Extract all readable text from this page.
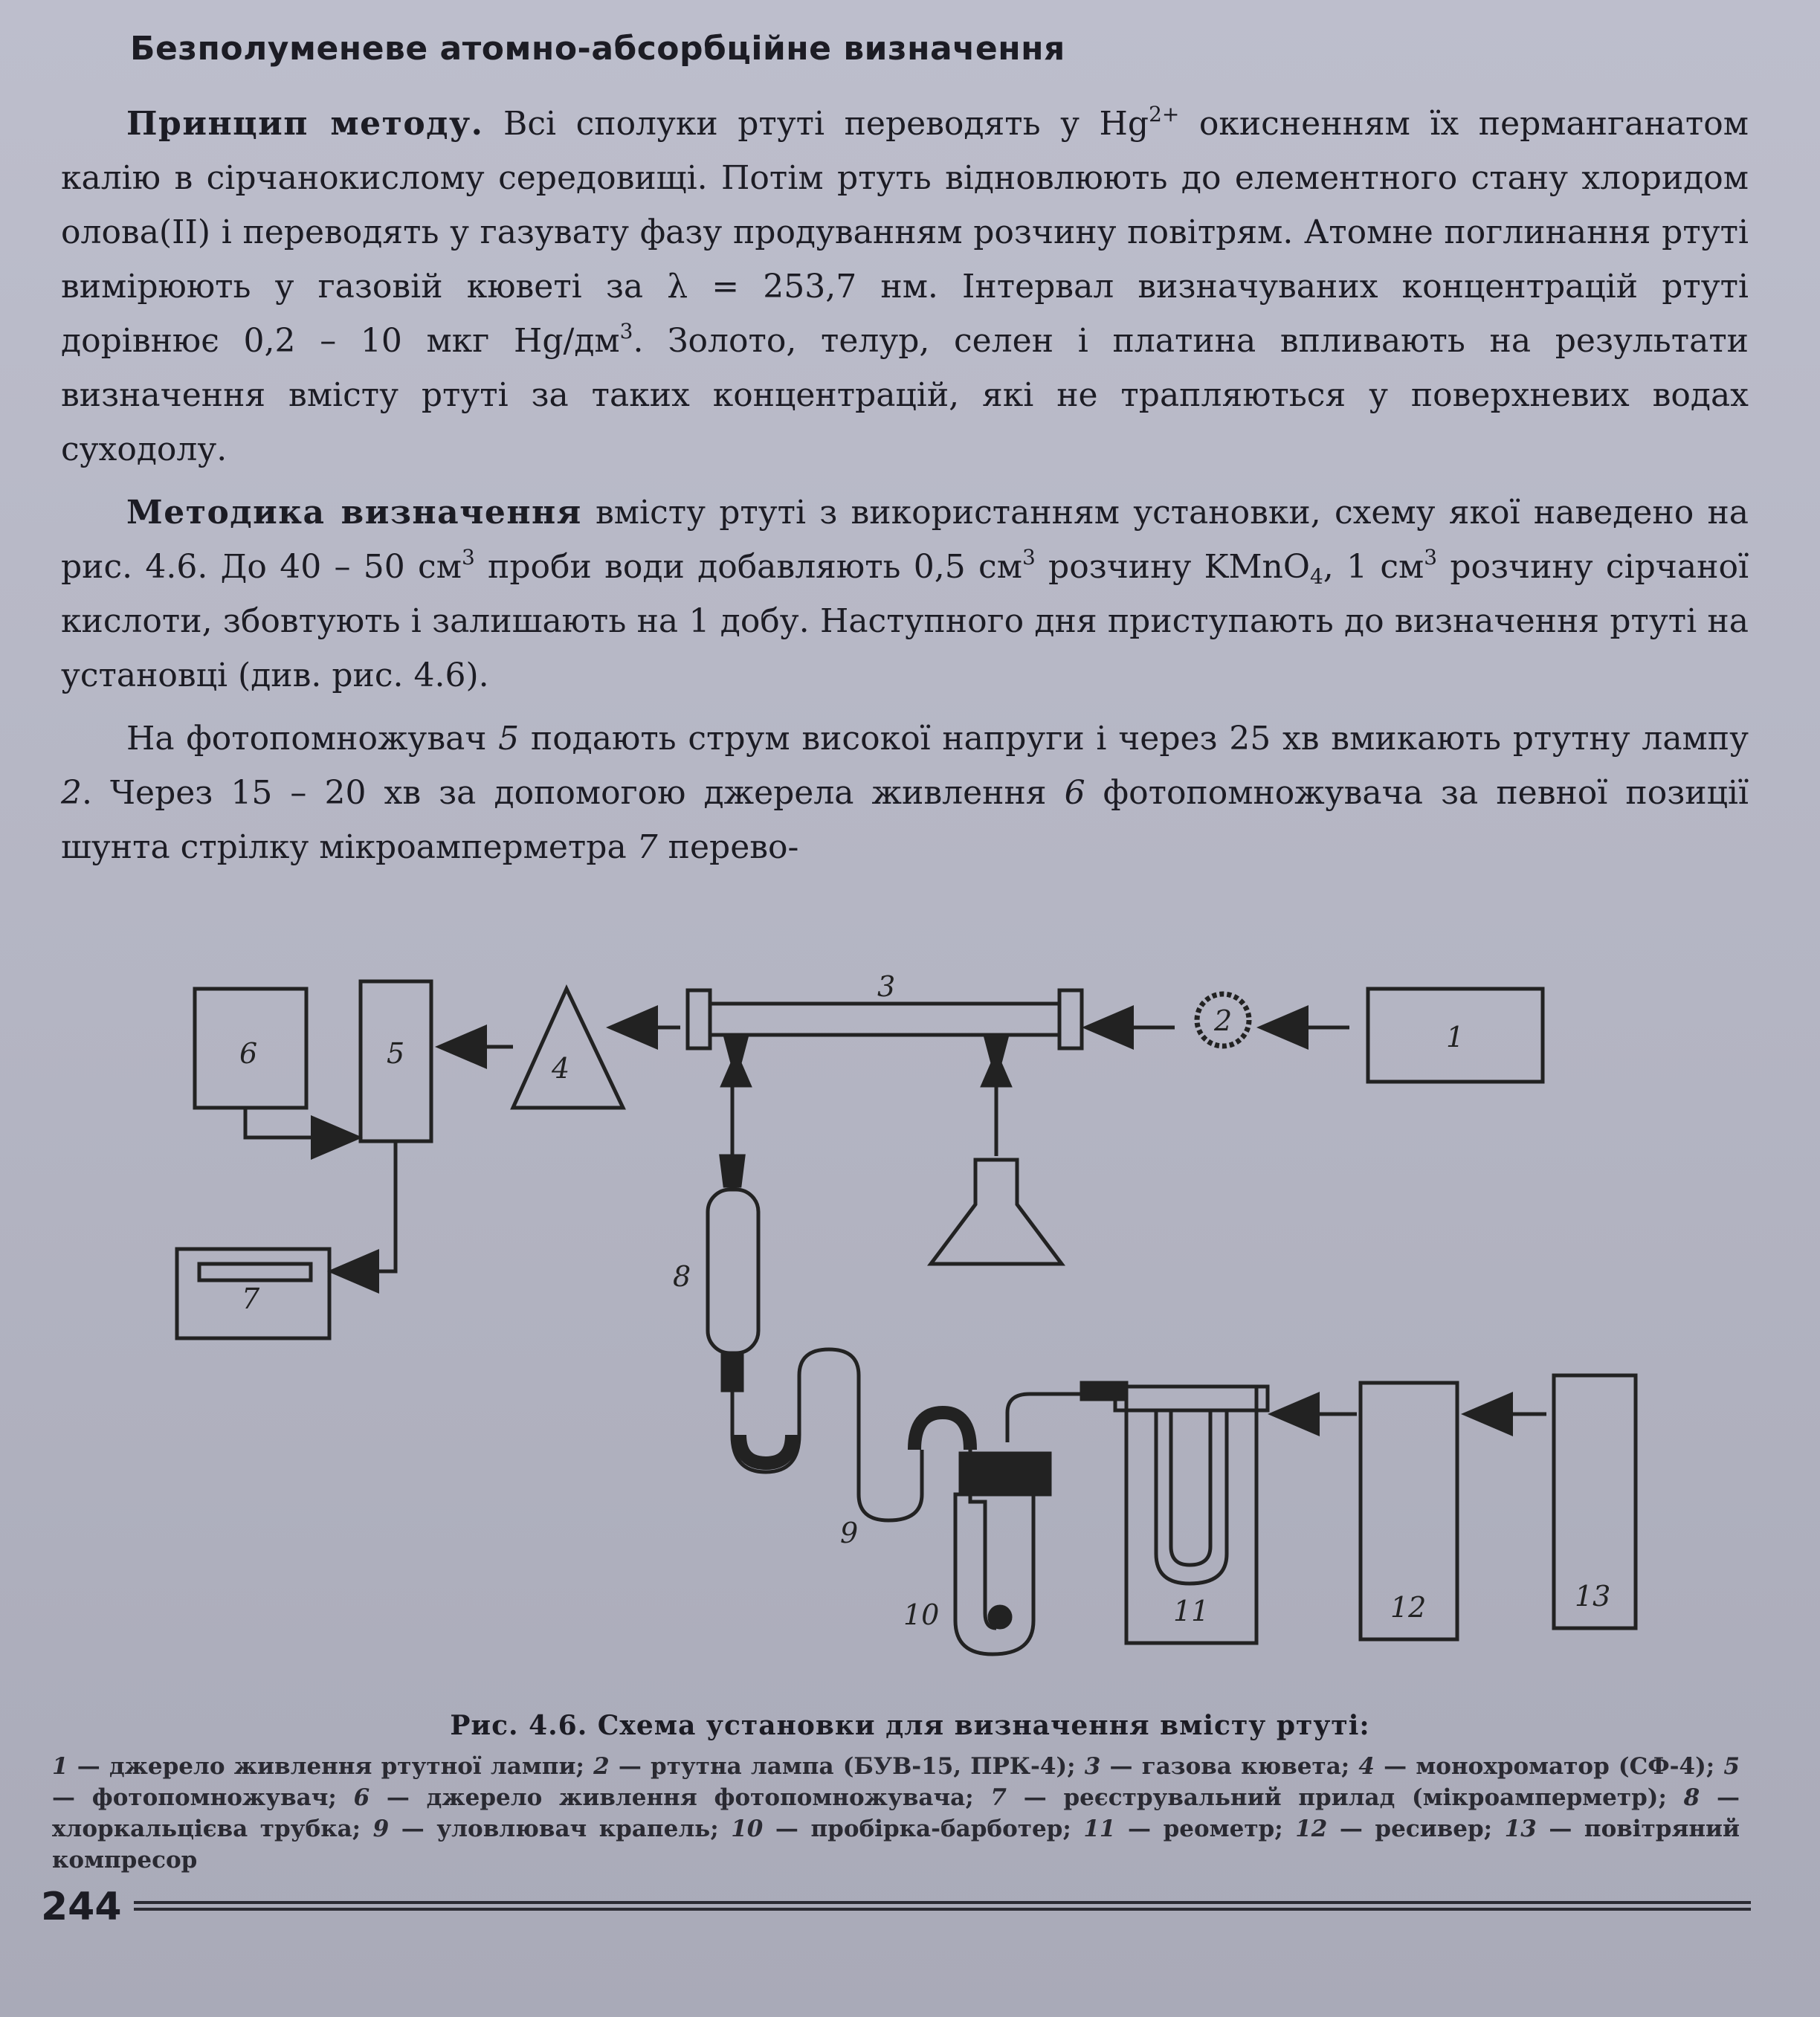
Безполуменеве атомно-абсорбційне визначення

Принцип методу. Всі сполуки ртуті переводять у $Hg^{2+}$ окисненням їх перманганатом калію в сірчанокислому середовищі. Потім ртуть відновлюють до елементного стану хлоридом олова(II) і переводять у газувату фазу продуванням розчину повітрям. Атомне поглинання ртуті вимірюють у газовій кюветі за λ = 253,7 нм. Інтервал визначуваних концентрацій ртуті дорівнює 0,2 – 10 мкг $Hg/дм^3$. Золото, телур, селен і платина впливають на результати визначення вмісту ртуті за таких концентрацій, які не трапляються у поверхневих водах суходолу.

Методика визначення вмісту ртуті з використанням установки, схему якої наведено на рис. 4.6. До 40 – 50 $см^3$ проби води добавляють 0,5 $см^3$ розчину KMnO$_4$, 1 $см^3$ розчину сірчаної кислоти, збовтують і залишають на 1 добу. Наступного дня приступають до визначення ртуті на установці (див. рис. 4.6).

На фотопомножувач 5 подають струм високої напруги і через 25 хв вмикають ртутну лампу 2. Через 15 – 20 хв за допомогою джерела живлення 6 фотопомножувача за певної позиції шунта стрілку мікроамперметра 7 перево-

6	5
7
4
3
2	1
8
9
10	11	12	13
Рис. 4.6. Схема установки для визначення вмісту ртуті:
1 — джерело живлення ртутної лампи; 2 — ртутна лампа (БУВ-15, ПРК-4); 3 — газова кювета; 4 — монохроматор (СФ-4); 5 — фотопомножувач; 6 — джерело живлення фотопомножувача; 7 — реєструвальний прилад (мікроамперметр); 8 — хлоркальцієва трубка; 9 — уловлювач крапель; 10 — пробірка-барботер; 11 — реометр; 12 — ресивер; 13 — повітряний компресор
244
